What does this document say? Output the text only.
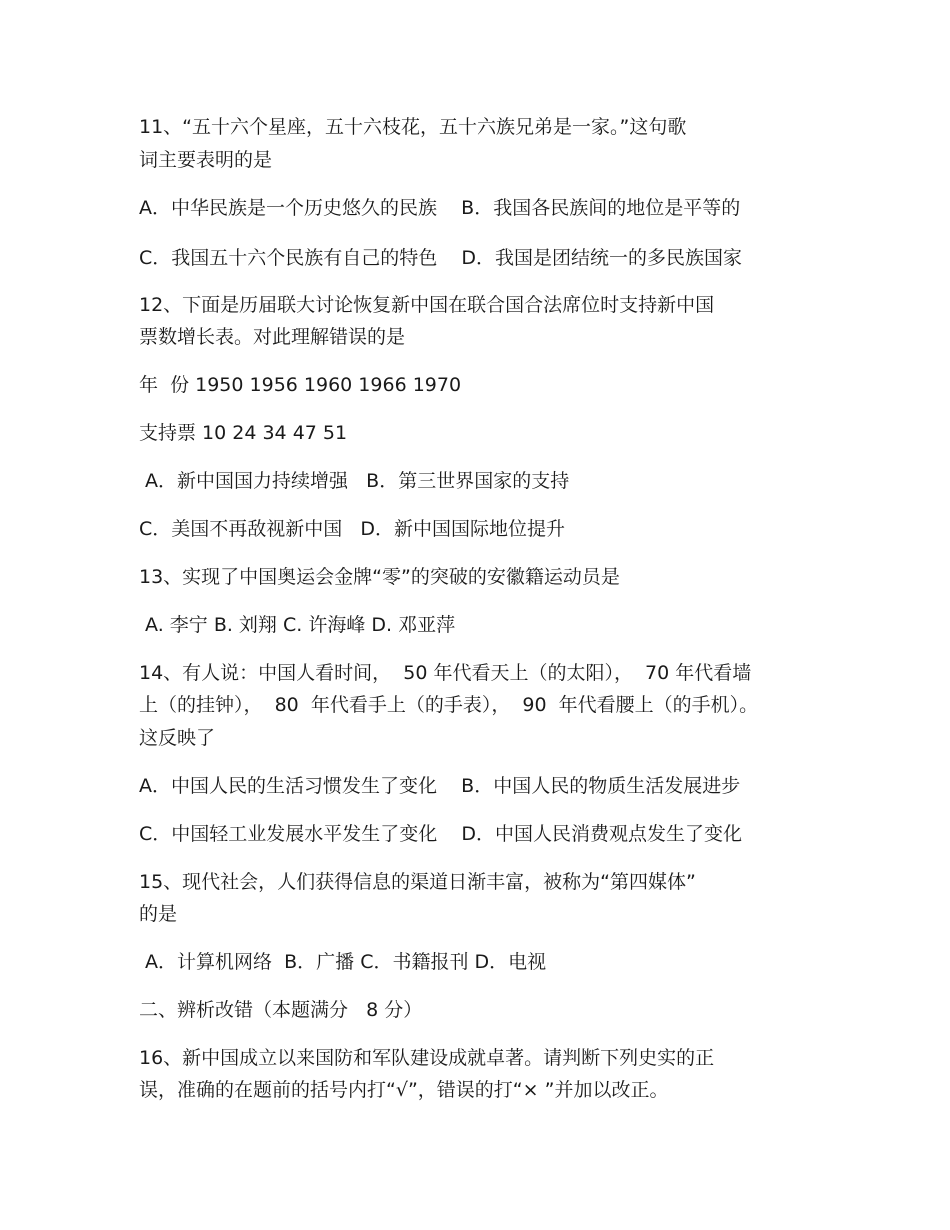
11、“五十六个星座，五十六枝花，五十六族兄弟是一家。”这句歌
词主要表明的是
A．中华民族是一个历史悠久的民族    B．我国各民族间的地位是平等的
C．我国五十六个民族有自己的特色    D．我国是团结统一的多民族国家
12、下面是历届联大讨论恢复新中国在联合国合法席位时支持新中国
票数增长表。对此理解错误的是
年  份 1950 1956 1960 1966 1970
支持票 10 24 34 47 51
A．新中国国力持续增强   B．第三世界国家的支持
C．美国不再敌视新中国   D．新中国国际地位提升
13、实现了中国奥运会金牌“零”的突破的安徽籍运动员是
A. 李宁 B. 刘翔 C. 许海峰 D. 邓亚萍
14、有人说：中国人看时间，  50 年代看天上（的太阳），  70 年代看墙
上（的挂钟），  80  年代看手上（的手表），  90  年代看腰上（的手机）。
这反映了
A．中国人民的生活习惯发生了变化    B．中国人民的物质生活发展进步
C．中国轻工业发展水平发生了变化    D．中国人民消费观点发生了变化
15、现代社会，人们获得信息的渠道日渐丰富，被称为“第四媒体”
的是
A．计算机网络  B．广播 C．书籍报刊 D．电视
二、辨析改错（本题满分   8 分）
16、新中国成立以来国防和军队建设成就卓著。请判断下列史实的正
误，准确的在题前的括号内打“√”，错误的打“× ”并加以改正。
